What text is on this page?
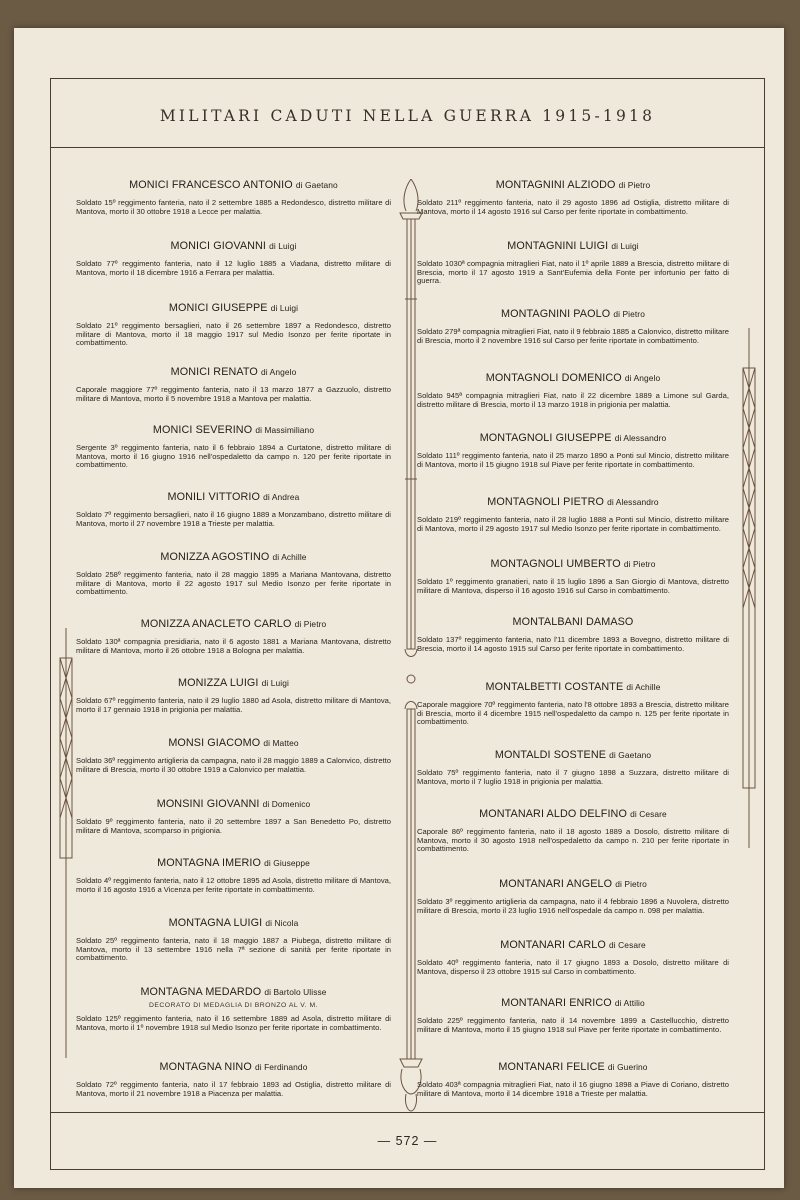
MILITARI CADUTI NELLA GUERRA 1915-1918

MONICI FRANCESCO ANTONIO di Gaetano

Soldato 15º reggimento fanteria, nato il 2 settembre 1885 a Redondesco, distretto militare di Mantova, morto il 30 ottobre 1918 a Lecce per malattia.

MONICI GIOVANNI di Luigi

Soldato 77º reggimento fanteria, nato il 12 luglio 1885 a Viadana, distretto militare di Mantova, morto il 18 dicembre 1916 a Ferrara per malattia.

MONICI GIUSEPPE di Luigi

Soldato 21º reggimento bersaglieri, nato il 26 settembre 1897 a Redondesco, distretto militare di Mantova, morto il 18 maggio 1917 sul Medio Isonzo per ferite riportate in combattimento.

MONICI RENATO di Angelo

Caporale maggiore 77º reggimento fanteria, nato il 13 marzo 1877 a Gazzuolo, distretto militare di Mantova, morto il 5 novembre 1918 a Mantova per malattia.

MONICI SEVERINO di Massimiliano

Sergente 3º reggimento fanteria, nato il 6 febbraio 1894 a Curtatone, distretto militare di Mantova, morto il 16 giugno 1916 nell'ospedaletto da campo n. 120 per ferite riportate in combattimento.

MONILI VITTORIO di Andrea

Soldato 7º reggimento bersaglieri, nato il 16 giugno 1889 a Monzambano, distretto militare di Mantova, morto il 27 novembre 1918 a Trieste per malattia.

MONIZZA AGOSTINO di Achille

Soldato 258º reggimento fanteria, nato il 28 maggio 1895 a Mariana Mantovana, distretto militare di Mantova, morto il 22 agosto 1917 sul Medio Isonzo per ferite riportate in combattimento.

MONIZZA ANACLETO CARLO di Pietro

Soldato 130ª compagnia presidiaria, nato il 6 agosto 1881 a Mariana Mantovana, distretto militare di Mantova, morto il 26 ottobre 1918 a Bologna per malattia.

MONIZZA LUIGI di Luigi

Soldato 67º reggimento fanteria, nato il 29 luglio 1880 ad Asola, distretto militare di Mantova, morto il 17 gennaio 1918 in prigionia per malattia.

MONSI GIACOMO di Matteo

Soldato 36º reggimento artiglieria da campagna, nato il 28 maggio 1889 a Calonvico, distretto militare di Brescia, morto il 30 ottobre 1919 a Calonvico per malattia.

MONSINI GIOVANNI di Domenico

Soldato 9º reggimento fanteria, nato il 20 settembre 1897 a San Benedetto Po, distretto militare di Mantova, scomparso in prigionia.

MONTAGNA IMERIO di Giuseppe

Soldato 4º reggimento fanteria, nato il 12 ottobre 1895 ad Asola, distretto militare di Mantova, morto il 16 agosto 1916 a Vicenza per ferite riportate in combattimento.

MONTAGNA LUIGI di Nicola

Soldato 25º reggimento fanteria, nato il 18 maggio 1887 a Piubega, distretto militare di Mantova, morto il 13 settembre 1916 nella 7ª sezione di sanità per ferite riportate in combattimento.

MONTAGNA MEDARDO di Bartolo Ulisse

DECORATO DI MEDAGLIA DI BRONZO AL V. M.

Soldato 125º reggimento fanteria, nato il 16 settembre 1889 ad Asola, distretto militare di Mantova, morto il 1º novembre 1918 sul Medio Isonzo per ferite riportate in combattimento.

MONTAGNA NINO di Ferdinando

Soldato 72º reggimento fanteria, nato il 17 febbraio 1893 ad Ostiglia, distretto militare di Mantova, morto il 21 novembre 1918 a Piacenza per malattia.

MONTAGNINI ALZIODO di Pietro

Soldato 211º reggimento fanteria, nato il 29 agosto 1896 ad Ostiglia, distretto militare di Mantova, morto il 14 agosto 1916 sul Carso per ferite riportate in combattimento.

MONTAGNINI LUIGI di Luigi

Soldato 1030ª compagnia mitraglieri Fiat, nato il 1º aprile 1889 a Brescia, distretto militare di Brescia, morto il 17 agosto 1919 a Sant'Eufemia della Fonte per infortunio per fatto di guerra.

MONTAGNINI PAOLO di Pietro

Soldato 279ª compagnia mitraglieri Fiat, nato il 9 febbraio 1885 a Calonvico, distretto militare di Brescia, morto il 2 novembre 1916 sul Carso per ferite riportate in combattimento.

MONTAGNOLI DOMENICO di Angelo

Soldato 945ª compagnia mitraglieri Fiat, nato il 22 dicembre 1889 a Limone sul Garda, distretto militare di Brescia, morto il 13 marzo 1918 in prigionia per malattia.

MONTAGNOLI GIUSEPPE di Alessandro

Soldato 111º reggimento fanteria, nato il 25 marzo 1890 a Ponti sul Mincio, distretto militare di Mantova, morto il 15 giugno 1918 sul Piave per ferite riportate in combattimento.

MONTAGNOLI PIETRO di Alessandro

Soldato 219º reggimento fanteria, nato il 28 luglio 1888 a Ponti sul Mincio, distretto militare di Mantova, morto il 29 agosto 1917 sul Medio Isonzo per ferite riportate in combattimento.

MONTAGNOLI UMBERTO di Pietro

Soldato 1º reggimento granatieri, nato il 15 luglio 1896 a San Giorgio di Mantova, distretto militare di Mantova, disperso il 16 agosto 1916 sul Carso in combattimento.

MONTALBANI DAMASO

Soldato 137º reggimento fanteria, nato l'11 dicembre 1893 a Bovegno, distretto militare di Brescia, morto il 14 agosto 1915 sul Carso per ferite riportate in combattimento.

MONTALBETTI COSTANTE di Achille

Caporale maggiore 70º reggimento fanteria, nato l'8 ottobre 1893 a Brescia, distretto militare di Brescia, morto il 4 dicembre 1915 nell'ospedaletto da campo n. 125 per ferite riportate in combattimento.

MONTALDI SOSTENE di Gaetano

Soldato 75º reggimento fanteria, nato il 7 giugno 1898 a Suzzara, distretto militare di Mantova, morto il 7 luglio 1918 in prigionia per malattia.

MONTANARI ALDO DELFINO di Cesare

Caporale 86º reggimento fanteria, nato il 18 agosto 1889 a Dosolo, distretto militare di Mantova, morto il 30 agosto 1918 nell'ospedaletto da campo n. 210 per ferite riportate in combattimento.

MONTANARI ANGELO di Pietro

Soldato 3º reggimento artiglieria da campagna, nato il 4 febbraio 1896 a Nuvolera, distretto militare di Brescia, morto il 23 luglio 1916 nell'ospedale da campo n. 098 per malattia.

MONTANARI CARLO di Cesare

Soldato 40º reggimento fanteria, nato il 17 giugno 1893 a Dosolo, distretto militare di Mantova, disperso il 23 ottobre 1915 sul Carso in combattimento.

MONTANARI ENRICO di Attilio

Soldato 225º reggimento fanteria, nato il 14 novembre 1899 a Castellucchio, distretto militare di Mantova, morto il 15 giugno 1918 sul Piave per ferite riportate in combattimento.

MONTANARI FELICE di Guerino

Soldato 403ª compagnia mitraglieri Fiat, nato il 16 giugno 1898 a Piave di Coriano, distretto militare di Mantova, morto il 14 dicembre 1918 a Trieste per malattia.

— 572 —
